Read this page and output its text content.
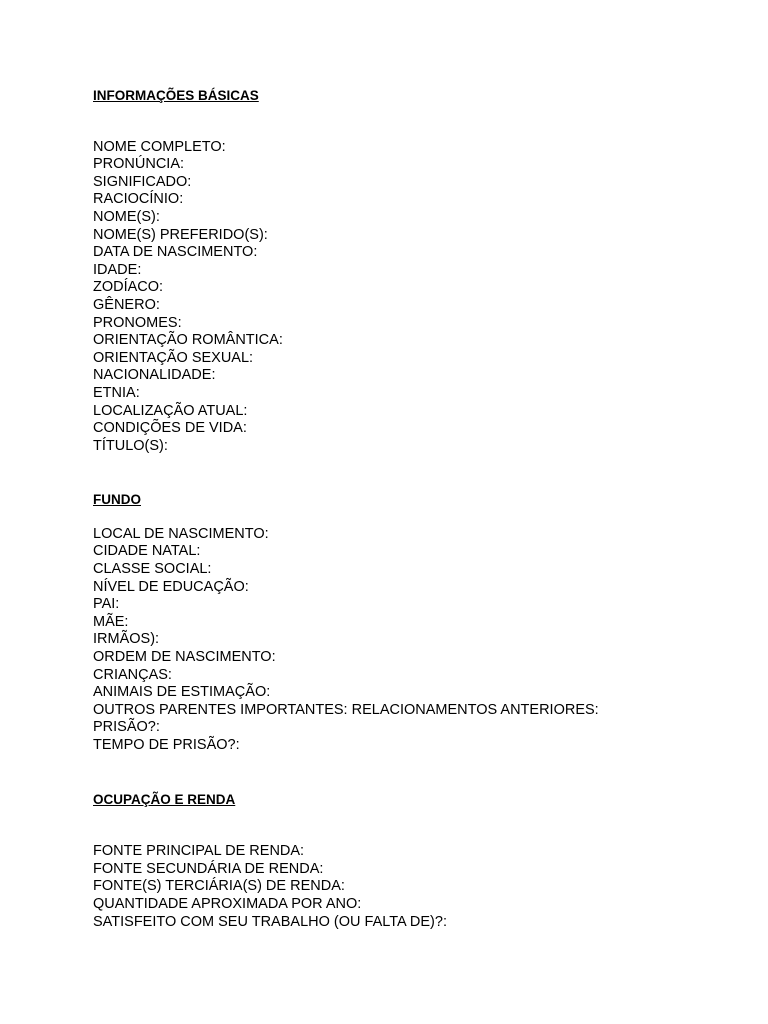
INFORMAÇÕES BÁSICAS

NOME COMPLETO:

PRONÚNCIA:

SIGNIFICADO:

RACIOCÍNIO:

NOME(S):

NOME(S) PREFERIDO(S):

DATA DE NASCIMENTO:

IDADE:

ZODÍACO:

GÊNERO:

PRONOMES:

ORIENTAÇÃO ROMÂNTICA:

ORIENTAÇÃO SEXUAL:

NACIONALIDADE:

ETNIA:

LOCALIZAÇÃO ATUAL:

CONDIÇÕES DE VIDA:

TÍTULO(S):

FUNDO

LOCAL DE NASCIMENTO:

CIDADE NATAL:

CLASSE SOCIAL:

NÍVEL DE EDUCAÇÃO:

PAI:

MÃE:

IRMÃOS):

ORDEM DE NASCIMENTO:

CRIANÇAS:

ANIMAIS DE ESTIMAÇÃO:

OUTROS PARENTES IMPORTANTES: RELACIONAMENTOS ANTERIORES:

PRISÃO?:

TEMPO DE PRISÃO?:

OCUPAÇÃO E RENDA

FONTE PRINCIPAL DE RENDA:

FONTE SECUNDÁRIA DE RENDA:

FONTE(S) TERCIÁRIA(S) DE RENDA:

QUANTIDADE APROXIMADA POR ANO:

SATISFEITO COM SEU TRABALHO (OU FALTA DE)?:
